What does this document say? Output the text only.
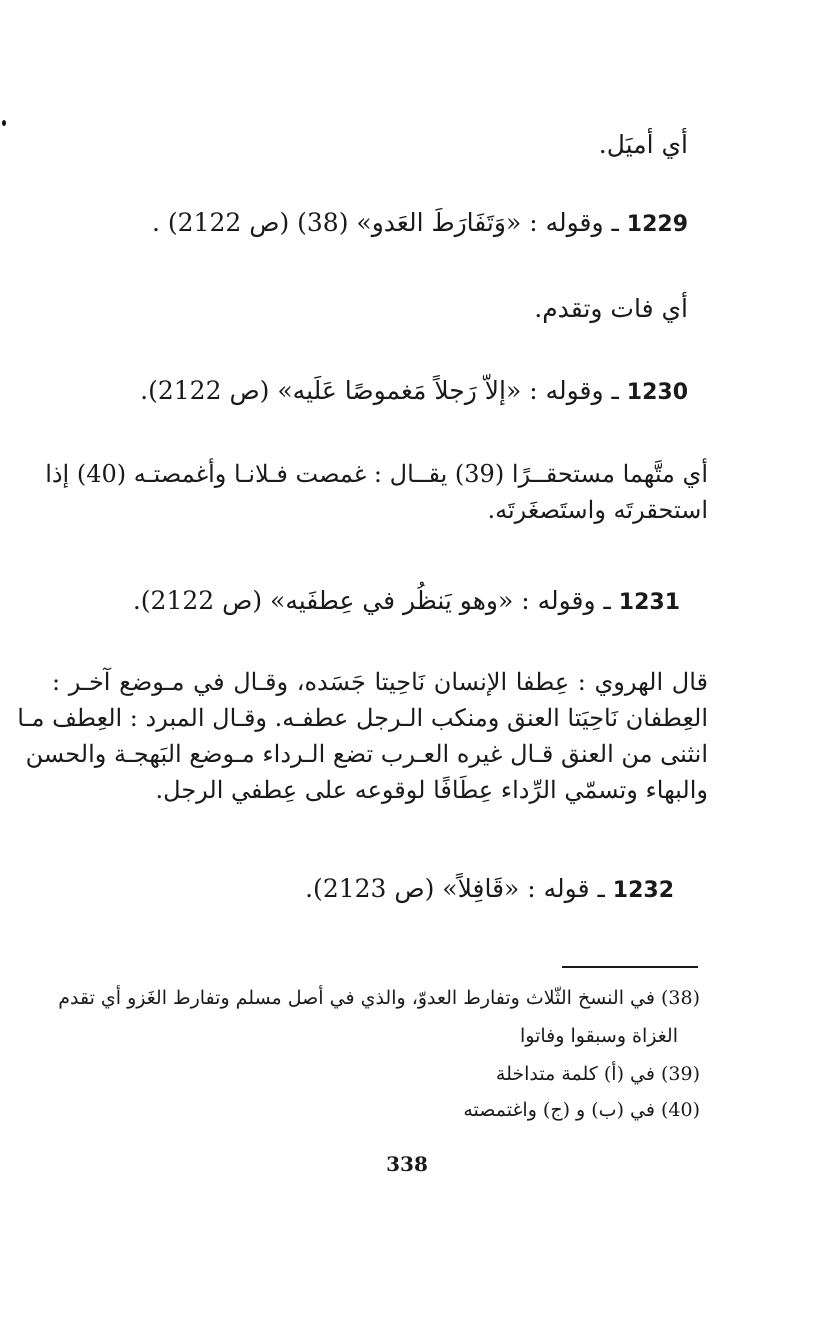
أي أميَل.
1229 ـ وقوله : «وَتَفَارَطَ العَدو» (38) (ص 2122) .
أي فات وتقدم.
1230 ـ وقوله : «إلاّ رَجلاً مَغموصًا عَلَيه» (ص 2122).
أي متَّهما مستحقــرًا (39) يقــال : غمصت فـلانـا وأغمصتـه (40) إذا
استحقرتَه واستَصغَرتَه.
1231 ـ وقوله : «وهو يَنظُر في عِطفَيه» (ص 2122).
قال الهروي : عِطفا الإنسان نَاحِيتا جَسَده، وقـال في مـوضع آخـر :
العِطفان نَاحِيَتا العنق ومنكب الـرجل عطفـه. وقـال المبرد : العِطف مـا
انثنى من العنق قـال غيره العـرب تضع الـرداء مـوضع البَهجـة والحسن
والبهاء وتسمّي الرِّداء عِطَافًا لوقوعه على عِطفي الرجل.
1232 ـ قوله : «قَافِلاً» (ص 2123).
(38) في النسخ الثّلاث وتفارط العدوّ، والذي في أصل مسلم وتفارط الغَزو أي تقدم
الغزاة وسبقوا وفاتوا
(39) في (أ) كلمة متداخلة
(40) في (ب) و (ج) واغتمصته
338
